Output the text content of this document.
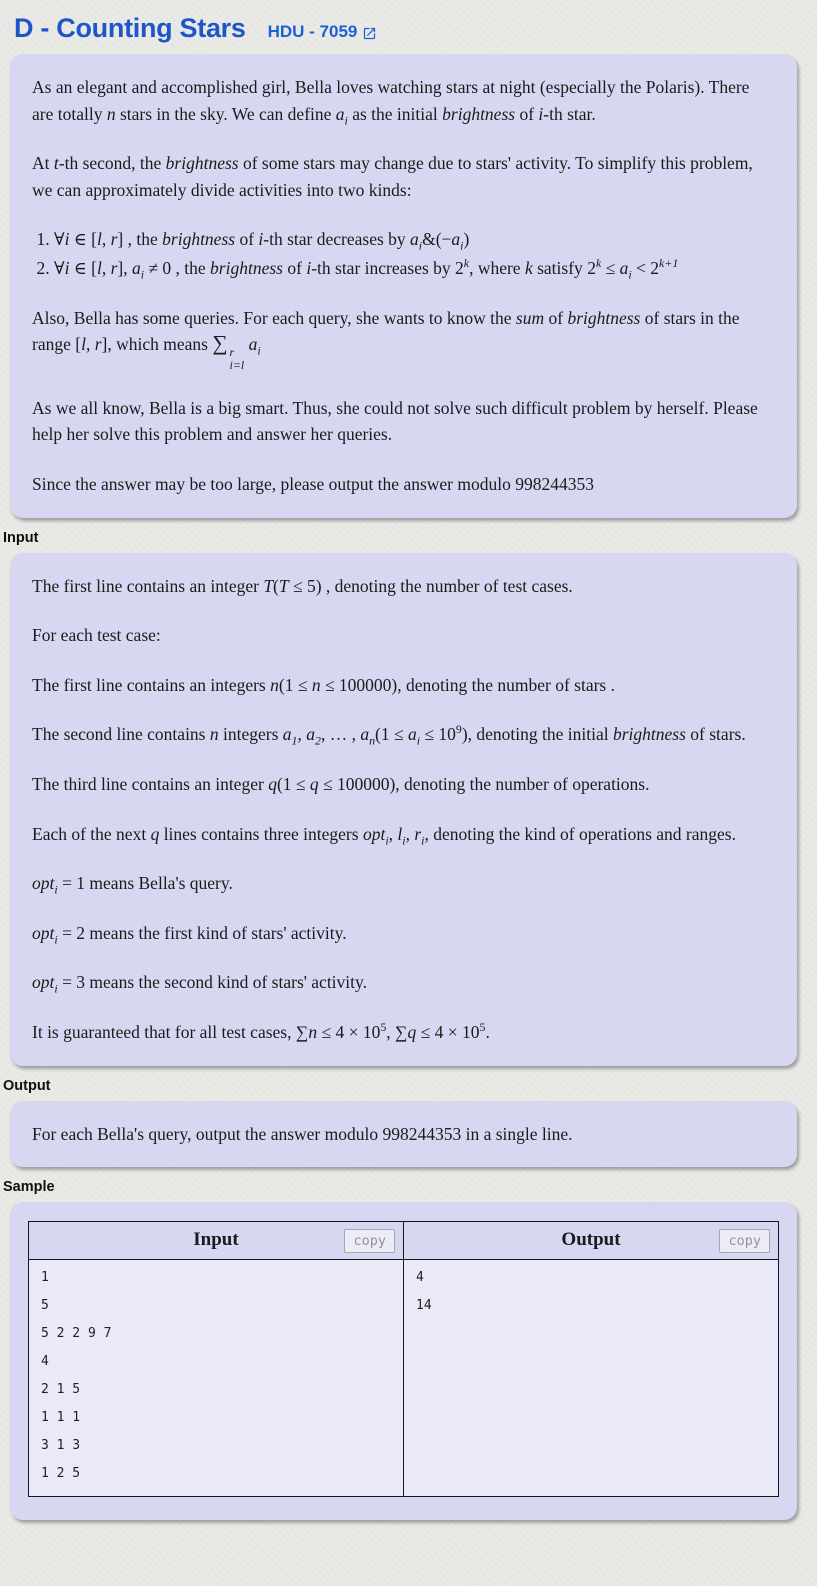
D - Counting Stars HDU - 7059

As an elegant and accomplished girl, Bella loves watching stars at night (especially the Polaris). There are totally n stars in the sky. We can define $a_i$ as the initial brightness of i-th star.

At t-th second, the brightness of some stars may change due to stars' activity. To simplify this problem, we can approximately divide activities into two kinds:

1. ∀i ∈ [l, r] , the brightness of i-th star decreases by $a_i\&(-a_i)$
2. ∀i ∈ [l, r], $a_i \ne 0$ , the brightness of i-th star increases by 2$^k$, where k satisfy $2^k \le a_i < 2^{k+1}$

Also, Bella has some queries. For each query, she wants to know the sum of brightness of stars in the range [l, r], which means ∑ r
i=l
$a_i$

As we all know, Bella is a big smart. Thus, she could not solve such difficult problem by herself. Please help her solve this problem and answer her queries.

Since the answer may be too large, please output the answer modulo 998244353

Input

The first line contains an integer T(T ≤ 5) , denoting the number of test cases.

For each test case:

The first line contains an integers n(1 ≤ n ≤ 100000), denoting the number of stars .

The second line contains n integers $a_1$, $a_2$, … , $a_n(1 \le a_i \le 10^9)$, denoting the initial brightness of stars.

The third line contains an integer q(1 ≤ q ≤ 100000), denoting the number of operations.

Each of the next q lines contains three integers opt$_i$, $l_i$, $r_i$, denoting the kind of operations and ranges.

opt$_i$ = 1 means Bella's query.

opt$_i$ = 2 means the first kind of stars' activity.

opt$_i$ = 3 means the second kind of stars' activity.

It is guaranteed that for all test cases, $\sum n \le 4 \times 10^5$, $\sum q \le 4 \times 10^5$.

Output

For each Bella's query, output the answer modulo 998244353 in a single line.

Sample
Input copy	Output copy

1
5
5 2 2 9 7
4
2 1 5
1 1 1
3 1 3
1 2 5

4
14
